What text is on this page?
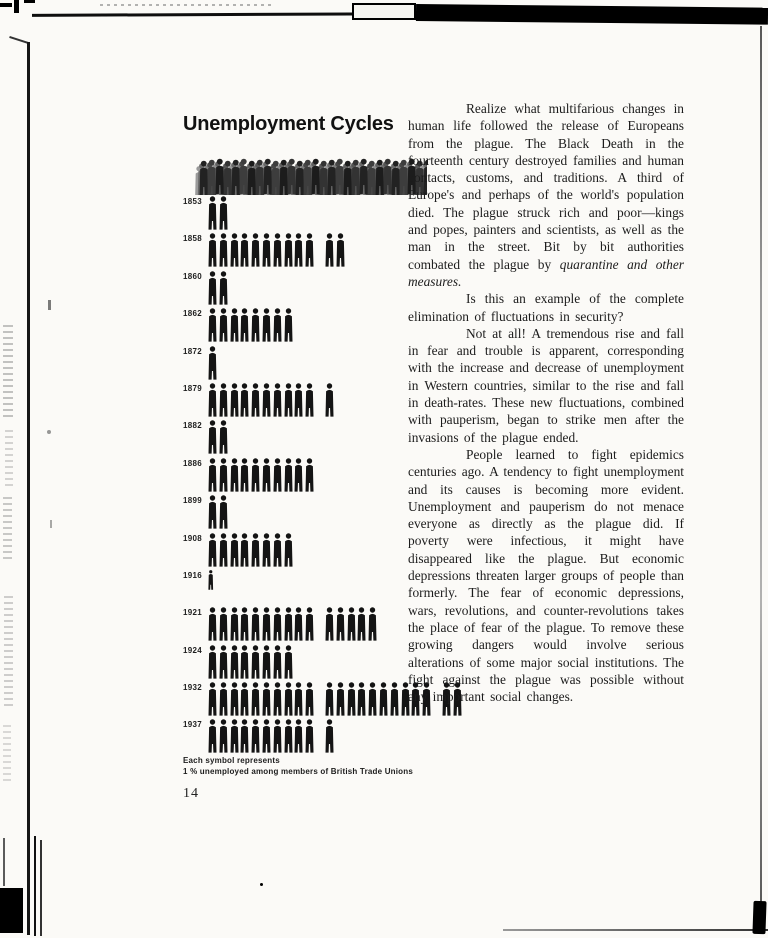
Unemployment Cycles
1853
1858
1860
1862
1872
1879
1882
1886
1899
1908
1916
1921
1924
1932
1937
Each symbol represents
1 % unemployed among members of British Trade Unions
14

Realize what multifarious changes in human life followed the release of Europeans from the plague. The Black Death in the fourteenth century destroyed families and human contacts, customs, and traditions. A third of Europe's and perhaps of the world's population died. The plague struck rich and poor—kings and popes, painters and scientists, as well as the man in the street. Bit by bit authorities combated the plague by quarantine and other measures.

Is this an example of the complete elimination of fluctuations in security?

Not at all! A tremendous rise and fall in fear and trouble is apparent, corresponding with the increase and decrease of unemployment in Western countries, similar to the rise and fall in death-rates. These new fluctuations, combined with pauperism, began to strike men after the invasions of the plague ended.

People learned to fight epidemics centuries ago. A tendency to fight unemployment and its causes is becoming more evident. Unemployment and pauperism do not menace everyone as directly as the plague did. If poverty were infectious, it might have disappeared like the plague. But economic depressions threaten larger groups of people than formerly. The fear of economic depressions, wars, revolutions, and counter-revolutions takes the place of fear of the plague. To remove these growing dangers would involve serious alterations of some major social institutions. The fight against the plague was possible without any important social changes.
